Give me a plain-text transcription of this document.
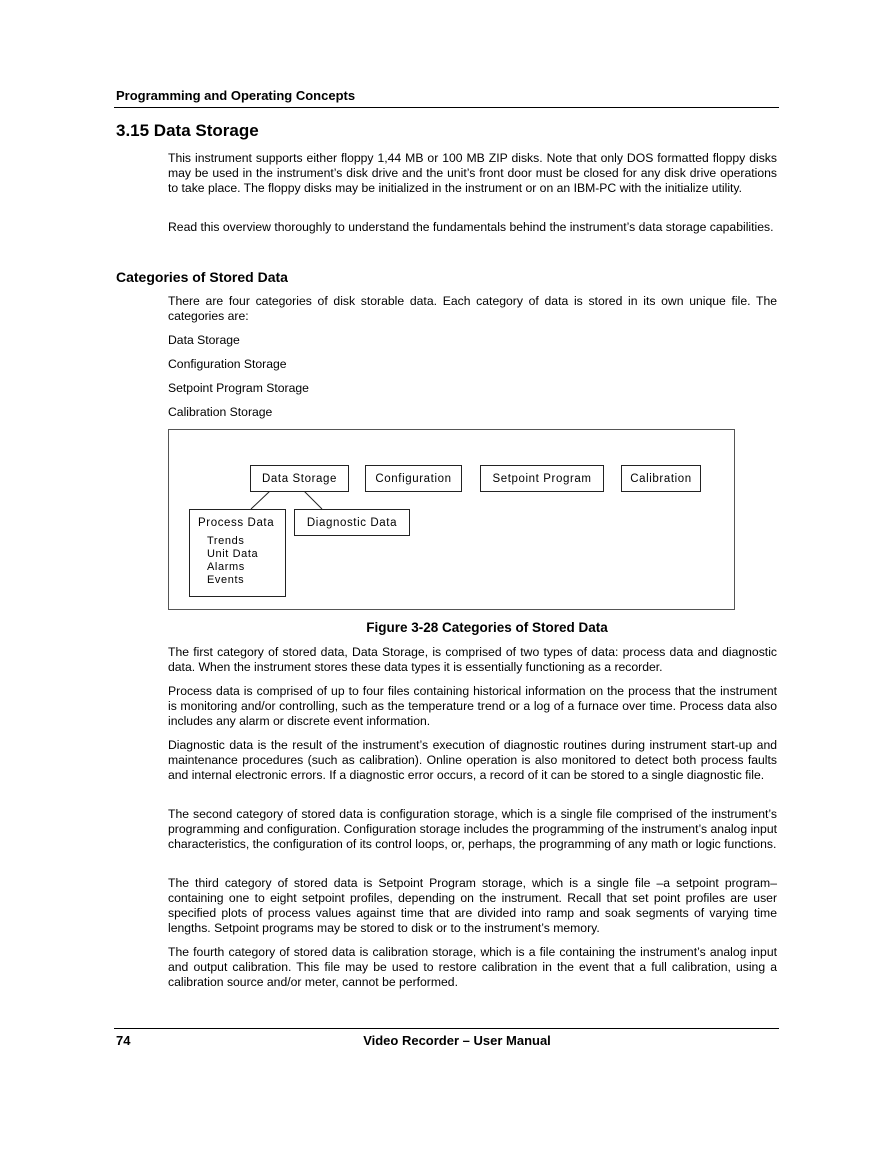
Programming and Operating Concepts
3.15 Data Storage

This instrument supports either floppy 1,44 MB or 100 MB ZIP disks. Note that only DOS formatted floppy disks may be used in the instrument’s disk drive and the unit’s front door must be closed for any disk drive operations to take place. The floppy disks may be initialized in the instrument or on an IBM-PC with the initialize utility.

Read this overview thoroughly to understand the fundamentals behind the instrument’s data storage capabilities.

Categories of Stored Data

There are four categories of disk storable data. Each category of data is stored in its own unique file. The categories are:

Data Storage

Configuration Storage

Setpoint Program Storage

Calibration Storage

Data Storage	Configuration	Setpoint Program	Calibration
Diagnostic Data
Process Data
Trends
Unit Data
Alarms
Events
Figure 3-28 Categories of Stored Data

The first category of stored data, Data Storage, is comprised of two types of data: process data and diagnostic data. When the instrument stores these data types it is essentially functioning as a recorder.

Process data is comprised of up to four files containing historical information on the process that the instrument is monitoring and/or controlling, such as the temperature trend or a log of a furnace over time. Process data also includes any alarm or discrete event information.

Diagnostic data is the result of the instrument’s execution of diagnostic routines during instrument start-up and maintenance procedures (such as calibration). Online operation is also monitored to detect both process faults and internal electronic errors. If a diagnostic error occurs, a record of it can be stored to a single diagnostic file.

The second category of stored data is configuration storage, which is a single file comprised of the instrument’s programming and configuration. Configuration storage includes the programming of the instrument’s analog input characteristics, the configuration of its control loops, or, perhaps, the programming of any math or logic functions.

The third category of stored data is Setpoint Program storage, which is a single file –a setpoint program– containing one to eight setpoint profiles, depending on the instrument. Recall that set point profiles are user specified plots of process values against time that are divided into ramp and soak segments of varying time lengths. Setpoint programs may be stored to disk or to the instrument’s memory.

The fourth category of stored data is calibration storage, which is a file containing the instrument’s analog input and output calibration. This file may be used to restore calibration in the event that a full calibration, using a calibration source and/or meter, cannot be performed.

74	Video Recorder – User Manual
